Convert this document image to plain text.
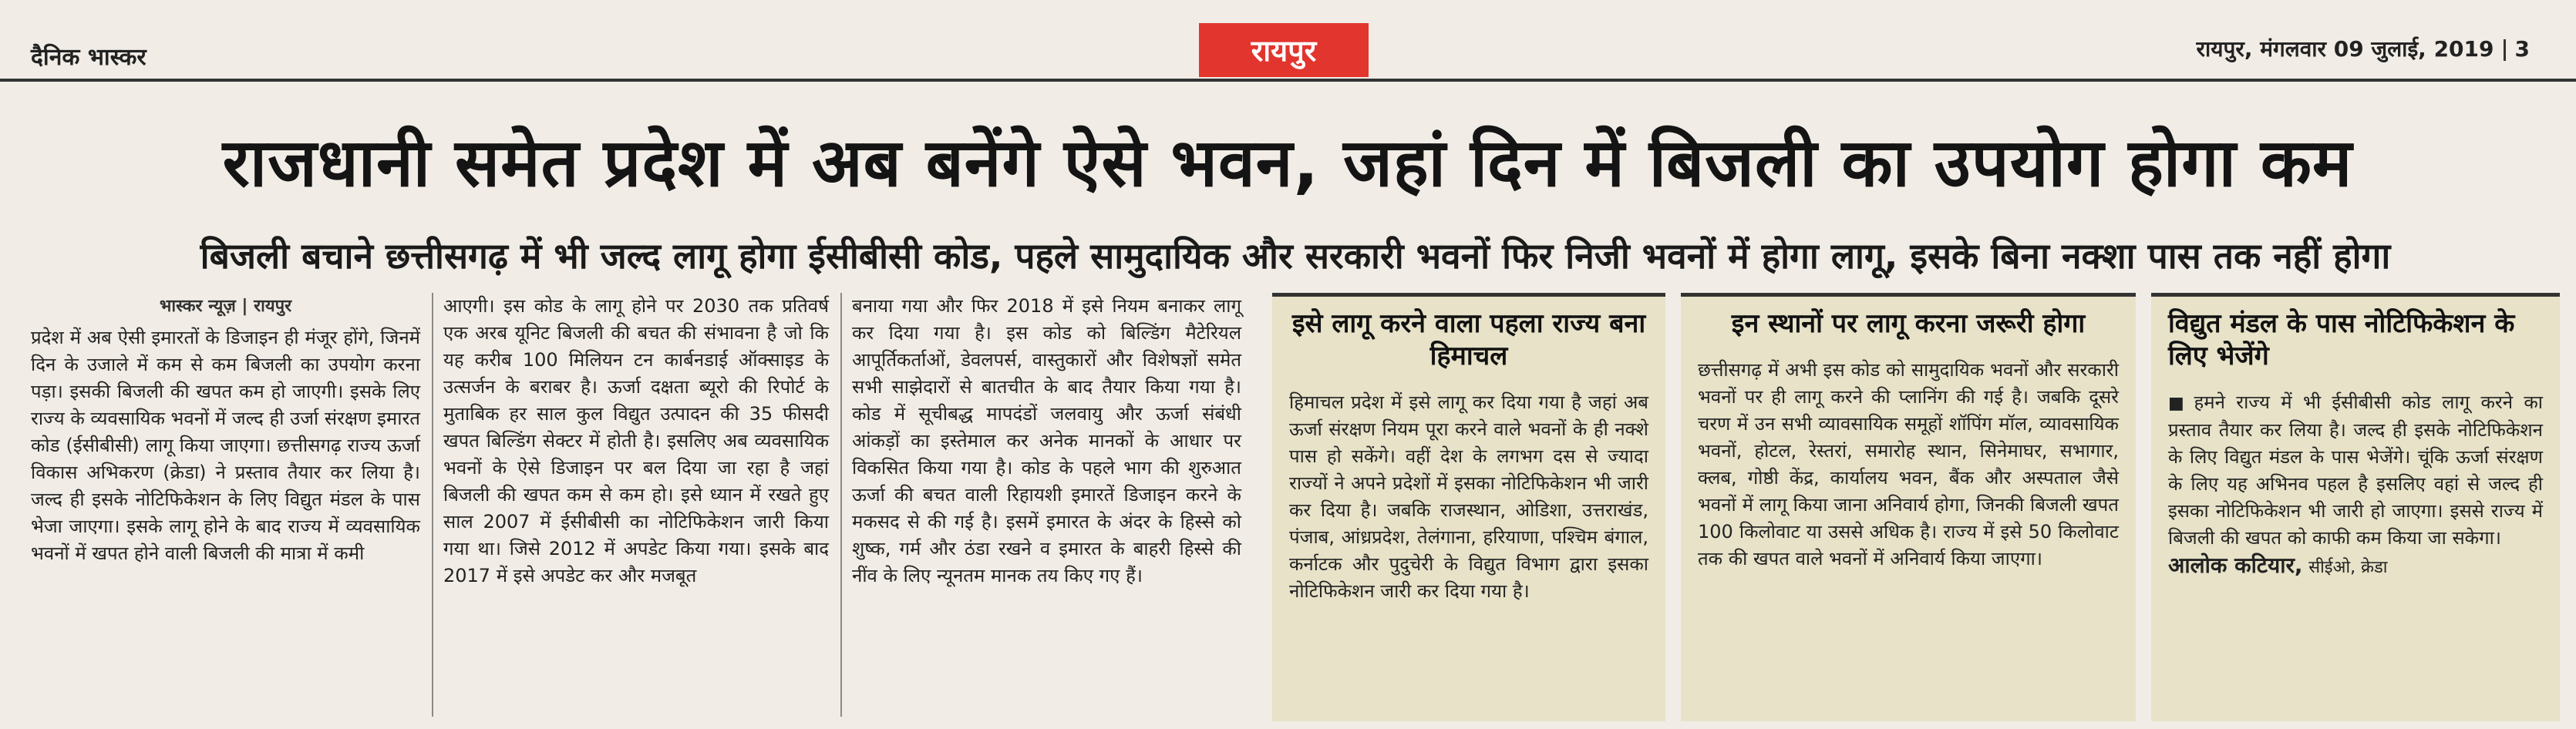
दैनिक भास्कर	रायपुर	रायपुर, मंगलवार 09 जुलाई, 2019 3
राजधानी समेत प्रदेश में अब बनेंगे ऐसे भवन, जहां दिन में बिजली का उपयोग होगा कम
बिजली बचाने छत्तीसगढ़ में भी जल्द लागू होगा ईसीबीसी कोड, पहले सामुदायिक और सरकारी भवनों फिर निजी भवनों में होगा लागू, इसके बिना नक्शा पास तक नहीं होगा
भास्कर न्यूज़ | रायपुर

प्रदेश में अब ऐसी इमारतों के डिजाइन ही मंजूर होंगे, जिनमें दिन के उजाले में कम से कम बिजली का उपयोग करना पड़ा। इसकी बिजली की खपत कम हो जाएगी। इसके लिए राज्य के व्यवसायिक भवनों में जल्द ही उर्जा संरक्षण इमारत कोड (ईसीबीसी) लागू किया जाएगा। छत्तीसगढ़ राज्य ऊर्जा विकास अभिकरण (क्रेडा) ने प्रस्ताव तैयार कर लिया है। जल्द ही इसके नोटिफिकेशन के लिए विद्युत मंडल के पास भेजा जाएगा। इसके लागू होने के बाद राज्य में व्यवसायिक भवनों में खपत होने वाली बिजली की मात्रा में कमी

आएगी। इस कोड के लागू होने पर 2030 तक प्रतिवर्ष एक अरब यूनिट बिजली की बचत की संभावना है जो कि यह करीब 100 मिलियन टन कार्बनडाई ऑक्साइड के उत्सर्जन के बराबर है। ऊर्जा दक्षता ब्यूरो की रिपोर्ट के मुताबिक हर साल कुल विद्युत उत्पादन की 35 फीसदी खपत बिल्डिंग सेक्टर में होती है। इसलिए अब व्यवसायिक भवनों के ऐसे डिजाइन पर बल दिया जा रहा है जहां बिजली की खपत कम से कम हो। इसे ध्यान में रखते हुए साल 2007 में ईसीबीसी का नोटिफिकेशन जारी किया गया था। जिसे 2012 में अपडेट किया गया। इसके बाद 2017 में इसे अपडेट कर और मजबूत

बनाया गया और फिर 2018 में इसे नियम बनाकर लागू कर दिया गया है। इस कोड को बिल्डिंग मैटेरियल आपूर्तिकर्ताओं, डेवलपर्स, वास्तुकारों और विशेषज्ञों समेत सभी साझेदारों से बातचीत के बाद तैयार किया गया है। कोड में सूचीबद्ध मापदंडों जलवायु और ऊर्जा संबंधी आंकड़ों का इस्तेमाल कर अनेक मानकों के आधार पर विकसित किया गया है। कोड के पहले भाग की शुरुआत ऊर्जा की बचत वाली रिहायशी इमारतें डिजाइन करने के मकसद से की गई है। इसमें इमारत के अंदर के हिस्से को शुष्क, गर्म और ठंडा रखने व इमारत के बाहरी हिस्से की नींव के लिए न्यूनतम मानक तय किए गए हैं।

इसे लागू करने वाला पहला राज्य बना हिमाचल

हिमाचल प्रदेश में इसे लागू कर दिया गया है जहां अब ऊर्जा संरक्षण नियम पूरा करने वाले भवनों के ही नक्शे पास हो सकेंगे। वहीं देश के लगभग दस से ज्यादा राज्यों ने अपने प्रदेशों में इसका नोटिफिकेशन भी जारी कर दिया है। जबकि राजस्थान, ओडिशा, उत्तराखंड, पंजाब, आंध्रप्रदेश, तेलंगाना, हरियाणा, पश्चिम बंगाल, कर्नाटक और पुदुचेरी के विद्युत विभाग द्वारा इसका नोटिफिकेशन जारी कर दिया गया है।

इन स्थानों पर लागू करना जरूरी होगा

छत्तीसगढ़ में अभी इस कोड को सामुदायिक भवनों और सरकारी भवनों पर ही लागू करने की प्लानिंग की गई है। जबकि दूसरे चरण में उन सभी व्यावसायिक समूहों शॉपिंग मॉल, व्यावसायिक भवनों, होटल, रेस्तरां, समारोह स्थान, सिनेमाघर, सभागार, क्लब, गोष्ठी केंद्र, कार्यालय भवन, बैंक और अस्पताल जैसे भवनों में लागू किया जाना अनिवार्य होगा, जिनकी बिजली खपत 100 किलोवाट या उससे अधिक है। राज्य में इसे 50 किलोवाट तक की खपत वाले भवनों में अनिवार्य किया जाएगा।

विद्युत मंडल के पास नोटिफिकेशन के लिए भेजेंगे

■ हमने राज्य में भी ईसीबीसी कोड लागू करने का प्रस्ताव तैयार कर लिया है। जल्द ही इसके नोटिफिकेशन के लिए विद्युत मंडल के पास भेजेंगे। चूंकि ऊर्जा संरक्षण के लिए यह अभिनव पहल है इसलिए वहां से जल्द ही इसका नोटिफिकेशन भी जारी हो जाएगा। इससे राज्य में बिजली की खपत को काफी कम किया जा सकेगा।

आलोक कटियार, सीईओ, क्रेडा
